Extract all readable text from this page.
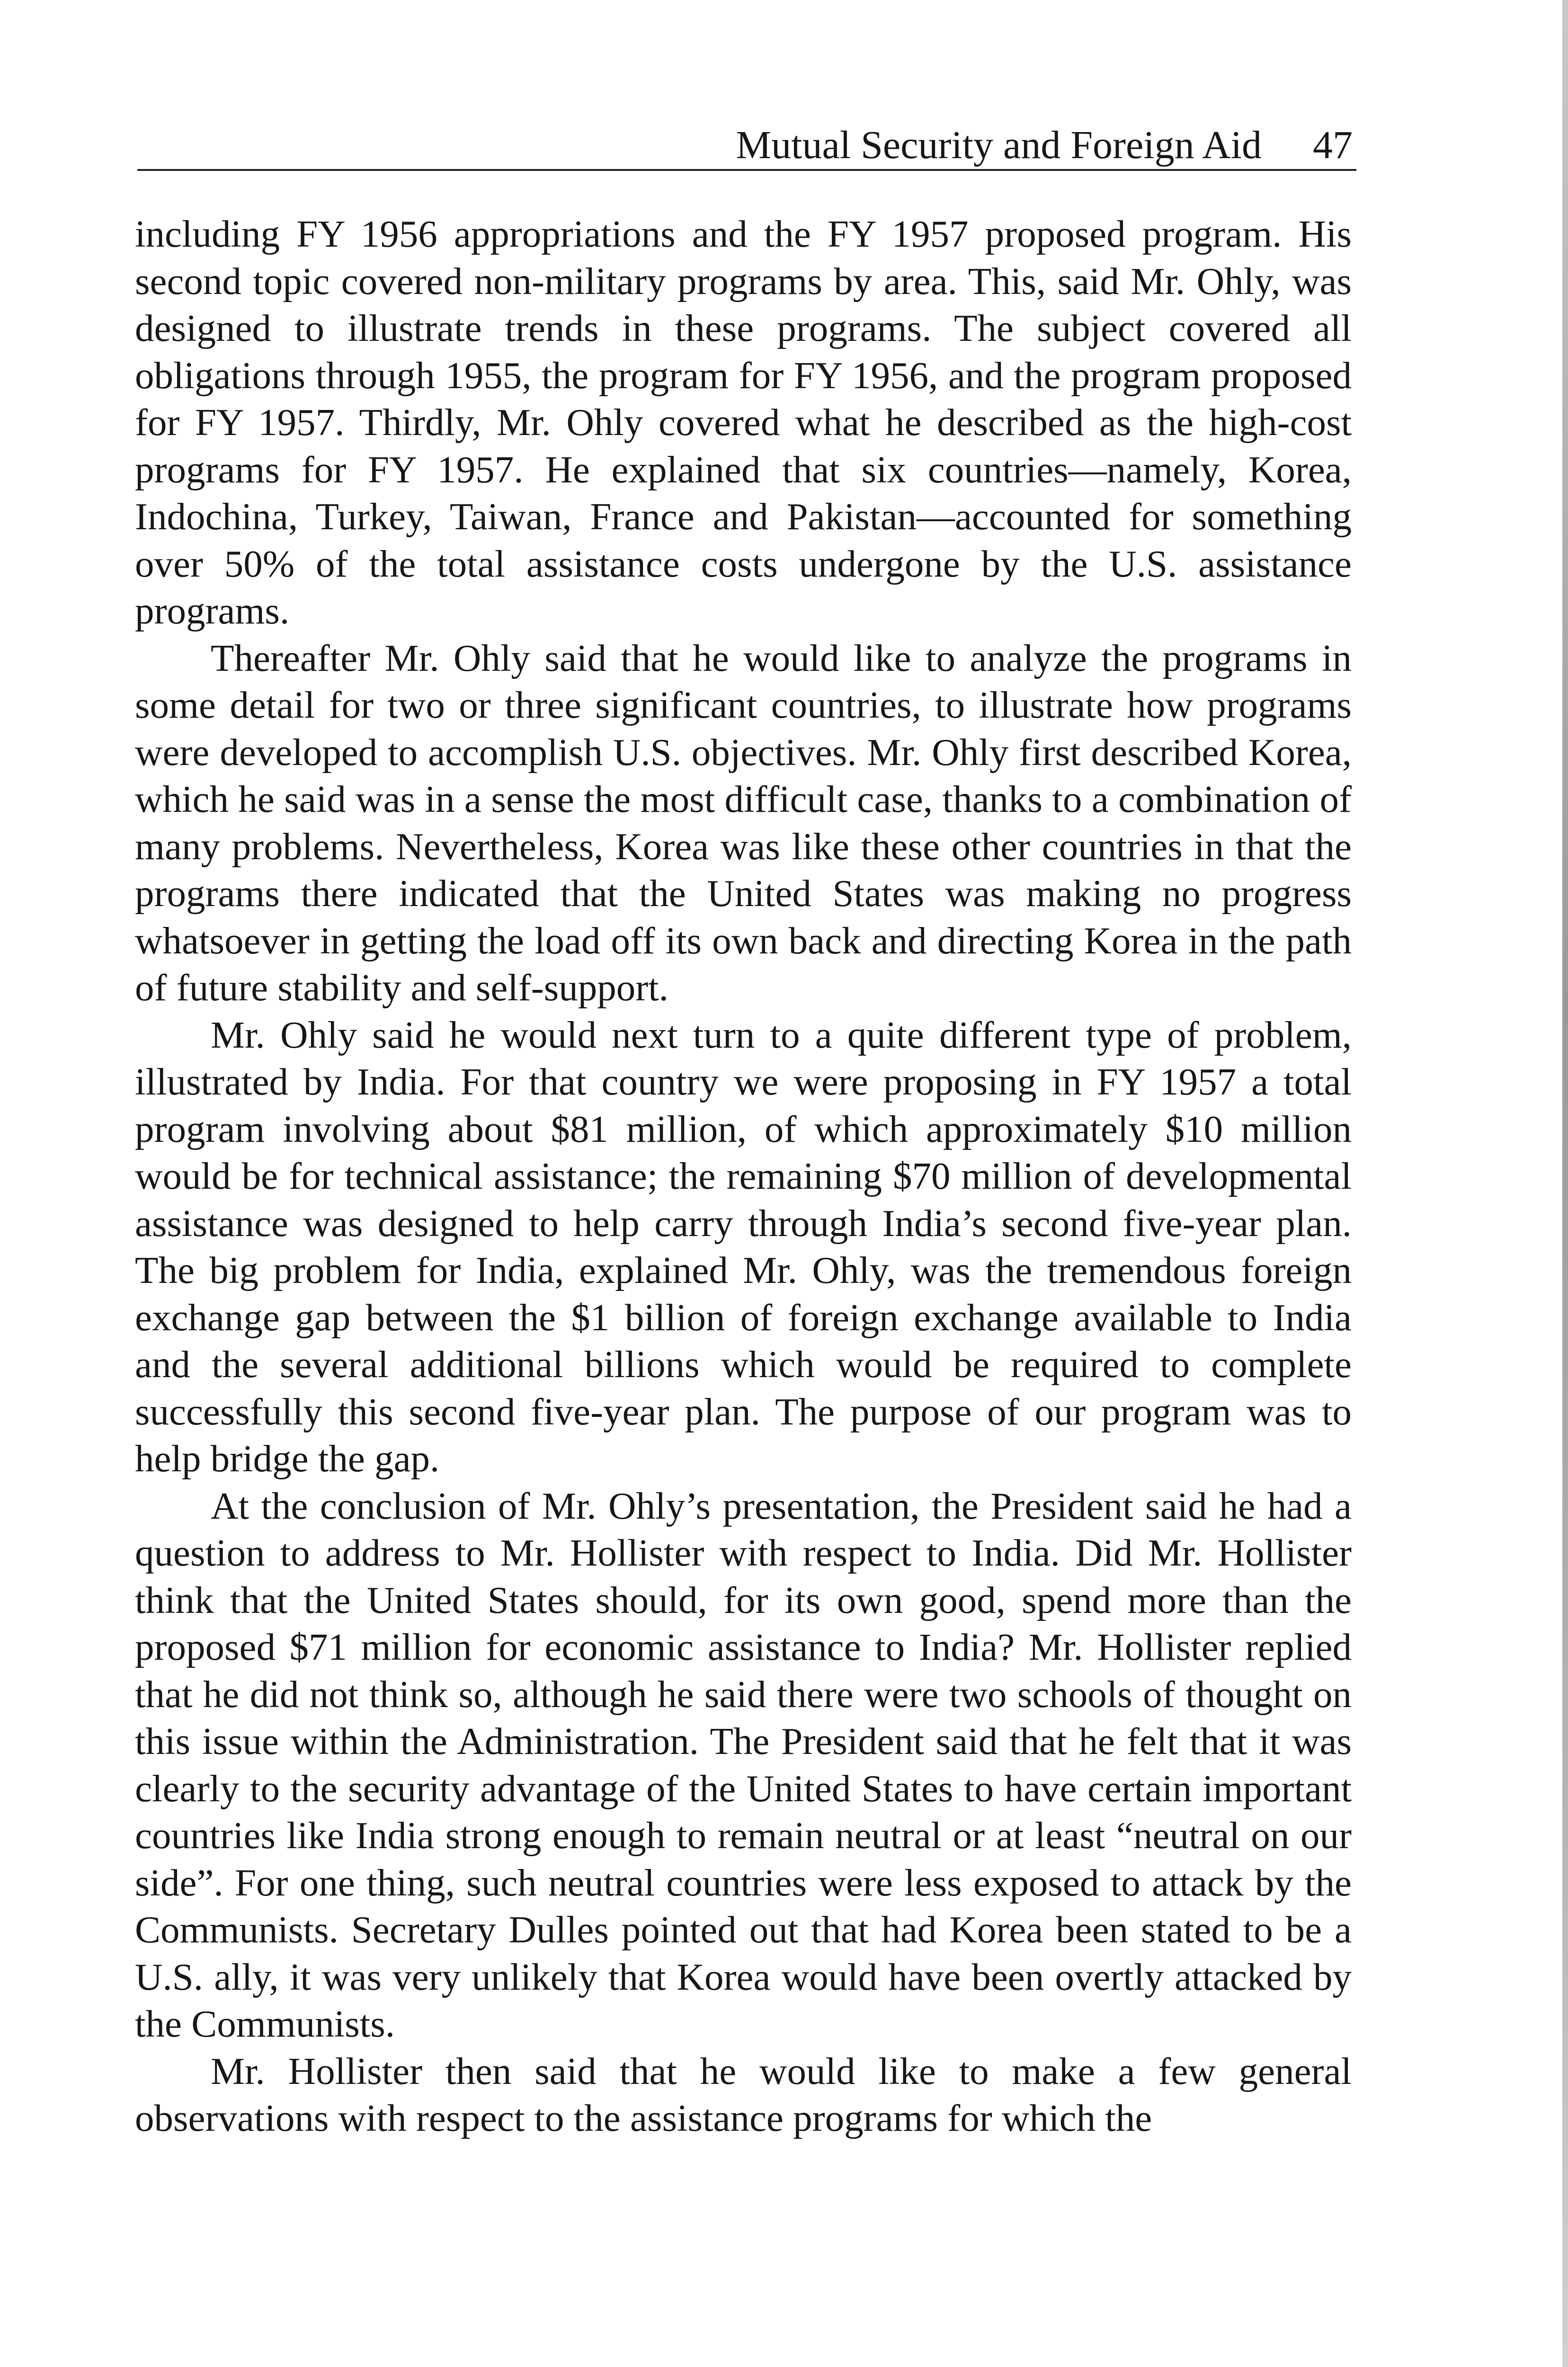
Mutual Security and Foreign Aid 47

including FY 1956 appropriations and the FY 1957 proposed program. His second topic covered non-military programs by area. This, said Mr. Ohly, was designed to illustrate trends in these programs. The subject covered all obligations through 1955, the program for FY 1956, and the program proposed for FY 1957. Thirdly, Mr. Ohly covered what he described as the high-cost programs for FY 1957. He explained that six countries—namely, Korea, Indochina, Turkey, Taiwan, France and Pakistan—accounted for something over 50% of the total assistance costs undergone by the U.S. assistance programs.

Thereafter Mr. Ohly said that he would like to analyze the programs in some detail for two or three significant countries, to illustrate how programs were developed to accomplish U.S. objectives. Mr. Ohly first described Korea, which he said was in a sense the most difficult case, thanks to a combination of many problems. Nevertheless, Korea was like these other countries in that the programs there indicated that the United States was making no progress whatsoever in getting the load off its own back and directing Korea in the path of future stability and self-support.

Mr. Ohly said he would next turn to a quite different type of problem, illustrated by India. For that country we were proposing in FY 1957 a total program involving about $81 million, of which approximately $10 million would be for technical assistance; the remaining $70 million of developmental assistance was designed to help carry through India’s second five-year plan. The big problem for India, explained Mr. Ohly, was the tremendous foreign exchange gap between the $1 billion of foreign exchange available to India and the several additional billions which would be required to complete successfully this second five-year plan. The purpose of our program was to help bridge the gap.

At the conclusion of Mr. Ohly’s presentation, the President said he had a question to address to Mr. Hollister with respect to India. Did Mr. Hollister think that the United States should, for its own good, spend more than the proposed $71 million for economic assistance to India? Mr. Hollister replied that he did not think so, although he said there were two schools of thought on this issue within the Administration. The President said that he felt that it was clearly to the security advantage of the United States to have certain important countries like India strong enough to remain neutral or at least “neutral on our side”. For one thing, such neutral countries were less exposed to attack by the Communists. Secretary Dulles pointed out that had Korea been stated to be a U.S. ally, it was very unlikely that Korea would have been overtly attacked by the Communists.

Mr. Hollister then said that he would like to make a few general observations with respect to the assistance programs for which the
